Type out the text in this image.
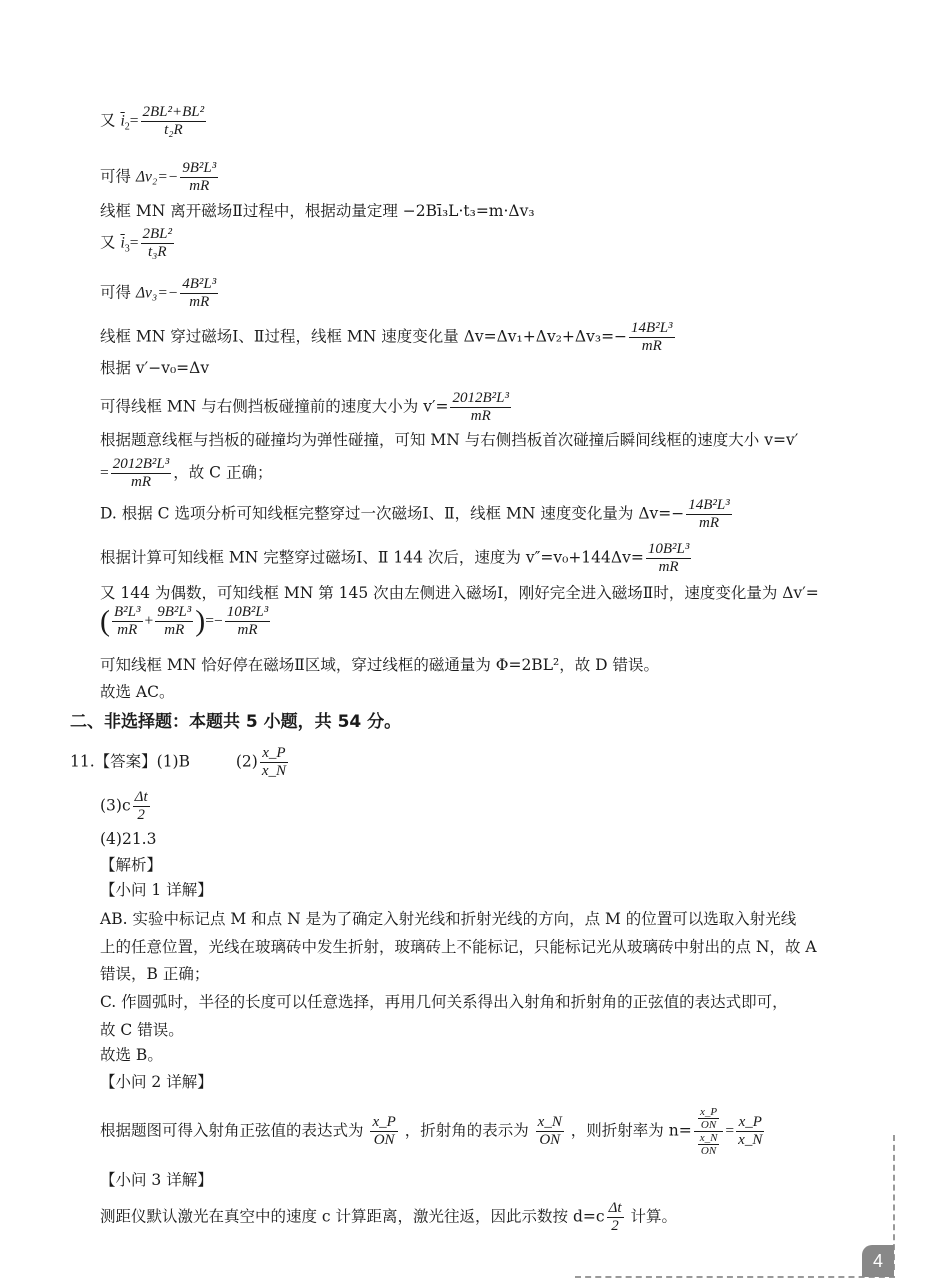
又 $\overline{i}_2= \frac{\text{2BL²+BL²}}{\text{t₂R}}$
可得 $\Delta v_2=- \frac{\text{9B²L³}}{mR}$
线框 MN 离开磁场Ⅱ过程中，根据动量定理 −2Bī₃L·t₃=m·Δv₃
又 $\overline{i}_3= \frac{\text{2BL²}}{\text{t₃R}}$
可得 $\Delta v_3=- \frac{\text{4B²L³}}{mR}$
线框 MN 穿过磁场Ⅰ、Ⅱ过程，线框 MN 速度变化量 $\Delta v=\Delta v_1+\Delta v_2+\Delta v_3=- \frac{\text{14B²L³}}{mR}$
根据 v′−v₀=Δv
可得线框 MN 与右侧挡板碰撞前的速度大小为 $v'= \frac{\text{2012B²L³}}{mR}$
根据题意线框与挡板的碰撞均为弹性碰撞，可知 MN 与右侧挡板首次碰撞后瞬间线框的速度大小 v=v′
= $\frac{\text{2012B²L³}}{mR}$ ，故 C 正确；
D. 根据 C 选项分析可知线框完整穿过一次磁场Ⅰ、Ⅱ，线框 MN 速度变化量为 $\Delta v=- \frac{\text{14B²L³}}{mR}$
根据计算可知线框 MN 完整穿过磁场Ⅰ、Ⅱ 144 次后，速度为 $v''=v_0+144\Delta v= \frac{\text{10B²L³}}{mR}$
又 144 为偶数，可知线框 MN 第 145 次由左侧进入磁场Ⅰ，刚好完全进入磁场Ⅱ时，速度变化量为 Δv′=
( $\frac{\text{B²L³}}{mR} + \frac{\text{9B²L³}}{mR}$ )=− $\frac{\text{10B²L³}}{mR}$
可知线框 MN 恰好停在磁场Ⅱ区域，穿过线框的磁通量为 Φ=2BL²，故 D 错误。
故选 AC。
二、非选择题：本题共 5 小题，共 54 分。
11.【答案】(1)B	$(2) \frac{x\_P}{x\_N}$
$(3)c \frac{\Delta t}{2}$
(4)21.3
【解析】
【小问 1 详解】
AB. 实验中标记点 M 和点 N 是为了确定入射光线和折射光线的方向，点 M 的位置可以选取入射光线
上的任意位置，光线在玻璃砖中发生折射，玻璃砖上不能标记，只能标记光从玻璃砖中射出的点 N，故 A
错误，B 正确；
C. 作圆弧时，半径的长度可以任意选择，再用几何关系得出入射角和折射角的正弦值的表达式即可，
故 C 错误。
故选 B。
【小问 2 详解】
根据题图可得入射角正弦值的表达式为 $\frac{x\_P}{ON}$ ，折射角的表示为 $\frac{x\_N}{ON}$ ，则折射率为 $n= \frac{\frac{x\_P}{ON}}{\frac{x\_N}{ON}} = \frac{x\_P}{x\_N}$
【小问 3 详解】
测距仪默认激光在真空中的速度 c 计算距离，激光往返，因此示数按 $d=c \frac{\Delta t}{2}$ 计算。
4
